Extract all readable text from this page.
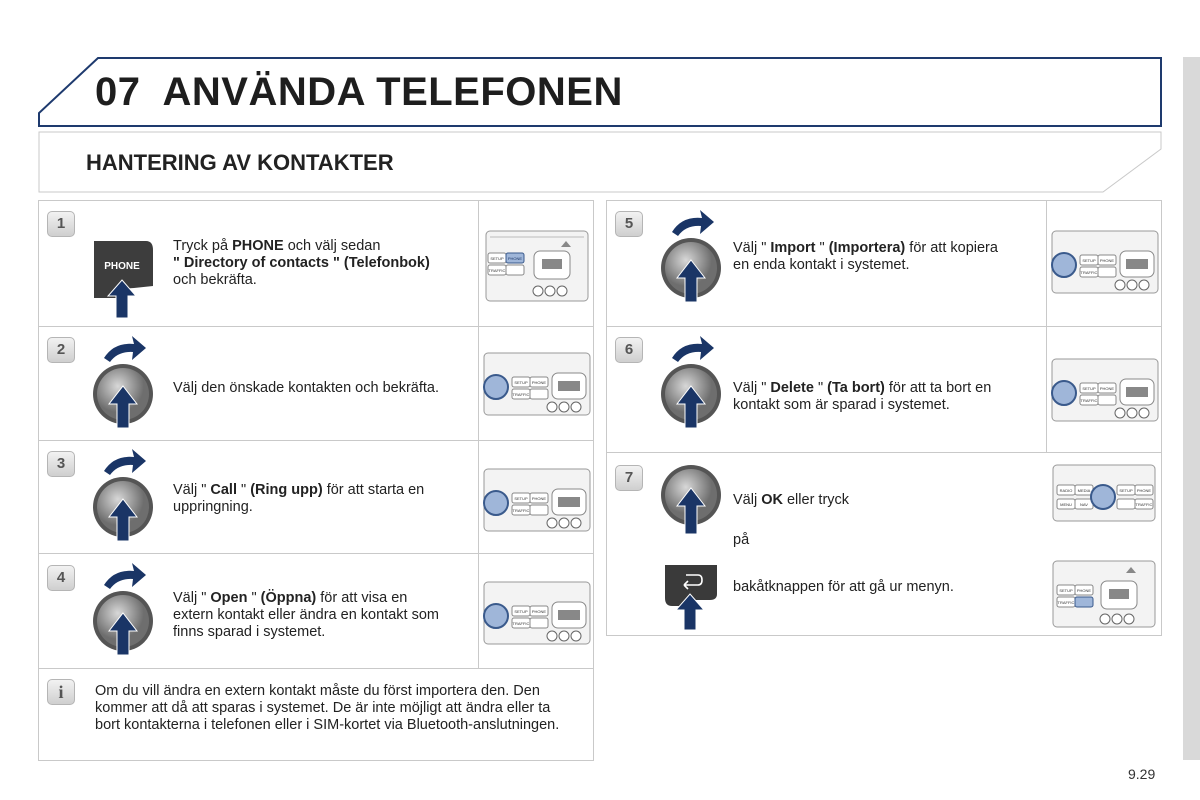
07 ANVÄNDA TELEFONEN
HANTERING AV KONTAKTER
1
PHONE
Tryck på PHONE och välj sedan
" Directory of contacts " (Telefonbok)
och bekräfta.
SETUP PHONE
TRAFFIC
2
Välj den önskade kontakten och bekräfta.	SETUP PHONE
TRAFFIC
3
Välj " Call " (Ring upp) för att starta en
uppringning.
SETUP PHONE
TRAFFIC
4
Välj " Open " (Öppna) för att visa en
extern kontakt eller ändra en kontakt som
finns sparad i systemet.
SETUP PHONE
TRAFFIC
i	Om du vill ändra en extern kontakt måste du först importera den. Den kommer att då att sparas i systemet. De är inte möjligt att ändra eller ta bort kontakterna i telefonen eller i SIM-kortet via Bluetooth-anslutningen.
5
Välj " Import " (Importera) för att kopiera
en enda kontakt i systemet.	SETUP PHONE
TRAFFIC
6
Välj " Delete " (Ta bort) för att ta bort en
kontakt som är sparad i systemet.
SETUP PHONE
TRAFFIC
7
Välj OK eller tryck
på
bakåtknappen för att gå ur menyn.
RADIO MEDIA
MENU NAV
SETUP PHONE
TRAFFIC
SETUP PHONE
TRAFFIC
9.29
